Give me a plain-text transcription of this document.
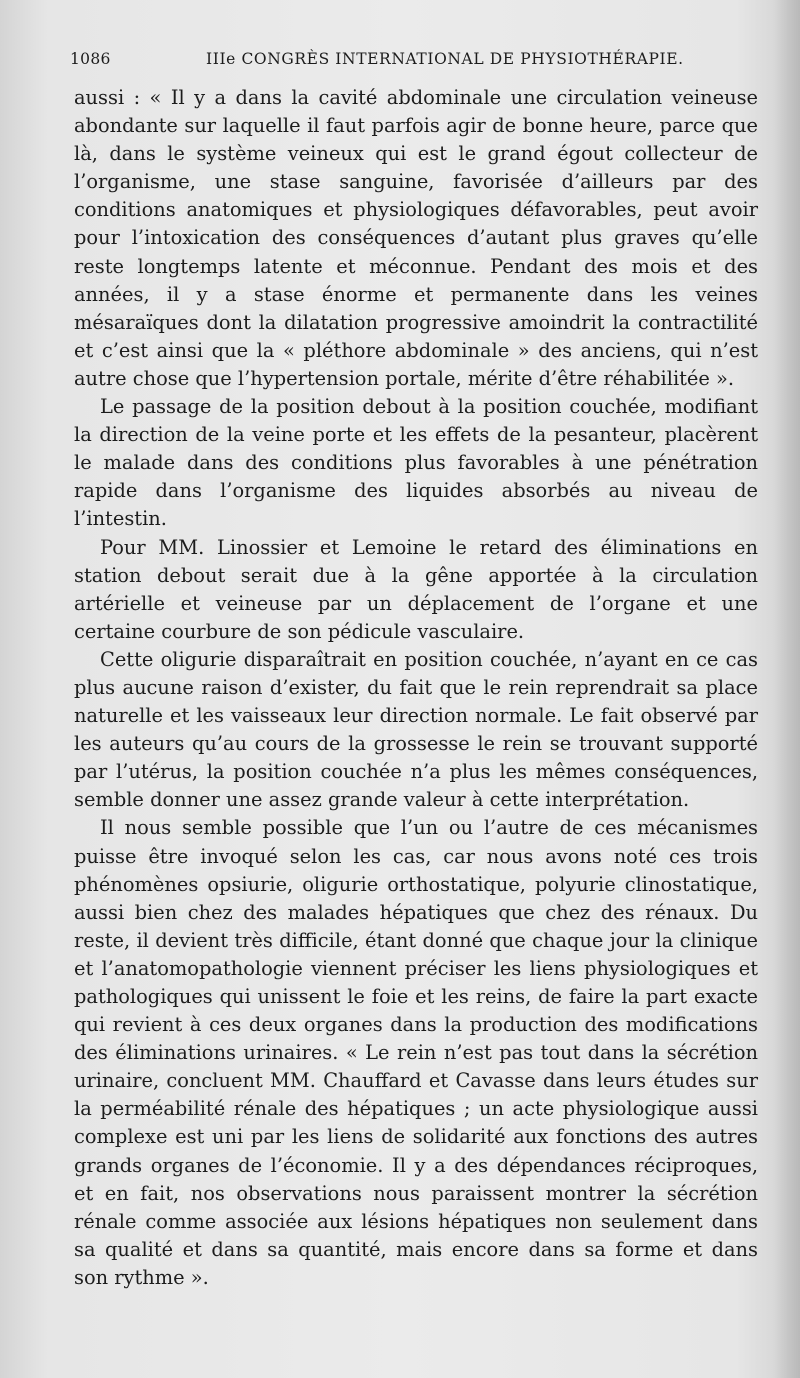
1086	IIIe CONGRÈS INTERNATIONAL DE PHYSIOTHÉRAPIE.

aussi : « Il y a dans la cavité abdominale une circulation veineuse abondante sur laquelle il faut parfois agir de bonne heure, parce que là, dans le système veineux qui est le grand égout collecteur de l’organisme, une stase sanguine, favorisée d’ailleurs par des conditions anatomiques et physiologiques défavorables, peut avoir pour l’intoxication des conséquences d’autant plus graves qu’elle reste longtemps latente et méconnue. Pendant des mois et des années, il y a stase énorme et permanente dans les veines mésaraïques dont la dilatation progressive amoindrit la contractilité et c’est ainsi que la « pléthore abdominale » des anciens, qui n’est autre chose que l’hypertension portale, mérite d’être réhabilitée ».

Le passage de la position debout à la position couchée, modifiant la direction de la veine porte et les effets de la pesanteur, placèrent le malade dans des conditions plus favorables à une pénétration rapide dans l’organisme des liquides absorbés au niveau de l’intestin.

Pour MM. Linossier et Lemoine le retard des éliminations en station debout serait due à la gêne apportée à la circulation artérielle et veineuse par un déplacement de l’organe et une certaine courbure de son pédicule vasculaire.

Cette oligurie disparaîtrait en position couchée, n’ayant en ce cas plus aucune raison d’exister, du fait que le rein reprendrait sa place naturelle et les vaisseaux leur direction normale. Le fait observé par les auteurs qu’au cours de la grossesse le rein se trouvant supporté par l’utérus, la position couchée n’a plus les mêmes conséquences, semble donner une assez grande valeur à cette interprétation.

Il nous semble possible que l’un ou l’autre de ces mécanismes puisse être invoqué selon les cas, car nous avons noté ces trois phénomènes opsiurie, oligurie orthostatique, polyurie clinostatique, aussi bien chez des malades hépatiques que chez des rénaux. Du reste, il devient très difficile, étant donné que chaque jour la clinique et l’anatomopathologie viennent préciser les liens physiologiques et pathologiques qui unissent le foie et les reins, de faire la part exacte qui revient à ces deux organes dans la production des modifications des éliminations urinaires. « Le rein n’est pas tout dans la sécrétion urinaire, concluent MM. Chauffard et Cavasse dans leurs études sur la perméabilité rénale des hépatiques ; un acte physiologique aussi complexe est uni par les liens de solidarité aux fonctions des autres grands organes de l’économie. Il y a des dépendances réciproques, et en fait, nos observations nous paraissent montrer la sécrétion rénale comme associée aux lésions hépatiques non seulement dans sa qualité et dans sa quantité, mais encore dans sa forme et dans son rythme ».
